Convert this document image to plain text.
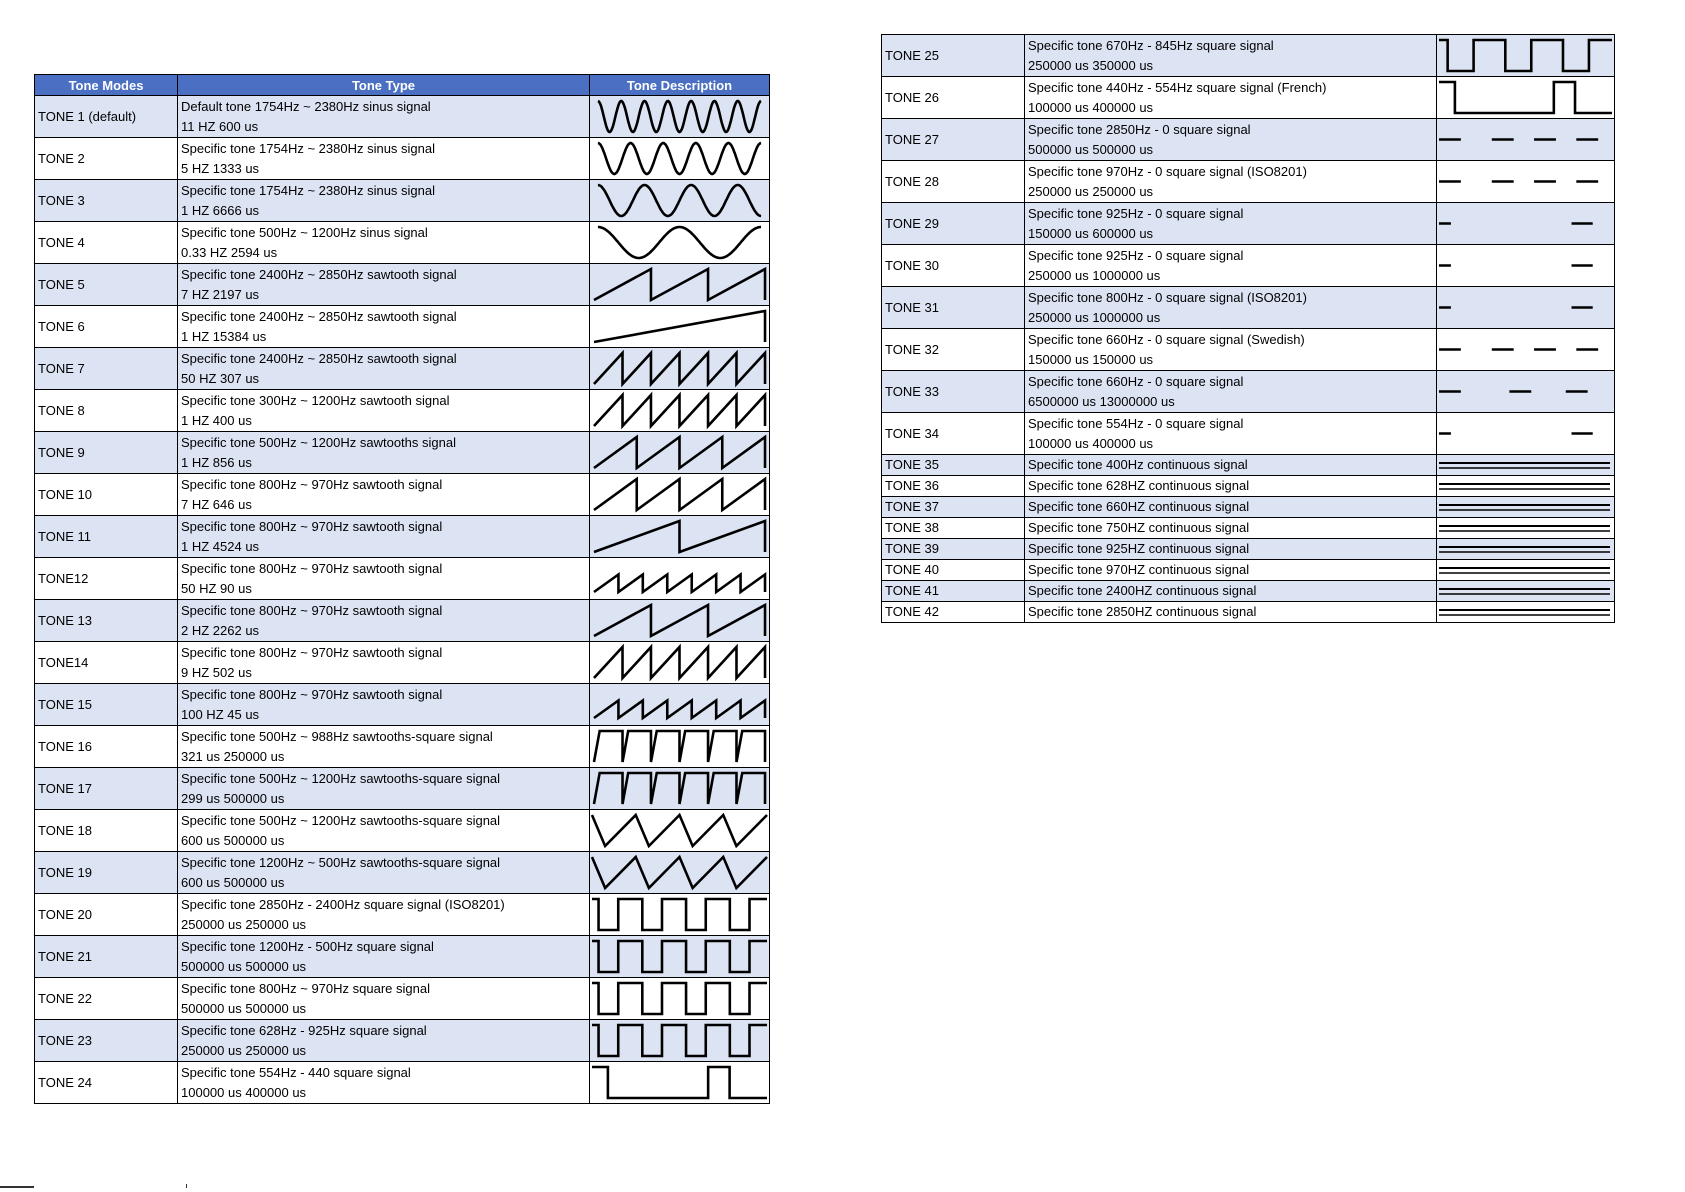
Tone Modes	Tone Type	Tone Description
TONE 1 (default)	Default tone 1754Hz ~ 2380Hz sinus signal
11 HZ 600 us

TONE 2	Specific tone 1754Hz ~ 2380Hz sinus signal
5 HZ 1333 us

TONE 3	Specific tone 1754Hz ~ 2380Hz sinus signal
1 HZ 6666 us

TONE 4	Specific tone 500Hz ~ 1200Hz sinus signal
0.33 HZ 2594 us

TONE 5	Specific tone 2400Hz ~ 2850Hz sawtooth signal
7 HZ 2197 us

TONE 6	Specific tone 2400Hz ~ 2850Hz sawtooth signal
1 HZ 15384 us

TONE 7	Specific tone 2400Hz ~ 2850Hz sawtooth signal
50 HZ 307 us

TONE 8	Specific tone 300Hz ~ 1200Hz sawtooth signal
1 HZ 400 us

TONE 9	Specific tone 500Hz ~ 1200Hz sawtooths signal
1 HZ 856 us

TONE 10	Specific tone 800Hz ~ 970Hz sawtooth signal
7 HZ 646 us

TONE 11	Specific tone 800Hz ~ 970Hz sawtooth signal
1 HZ 4524 us

TONE12	Specific tone 800Hz ~ 970Hz sawtooth signal
50 HZ 90 us

TONE 13	Specific tone 800Hz ~ 970Hz sawtooth signal
2 HZ 2262 us

TONE14	Specific tone 800Hz ~ 970Hz sawtooth signal
9 HZ 502 us

TONE 15	Specific tone 800Hz ~ 970Hz sawtooth signal
100 HZ 45 us

TONE 16	Specific tone 500Hz ~ 988Hz sawtooths-square signal
321 us 250000 us

TONE 17	Specific tone 500Hz ~ 1200Hz sawtooths-square signal
299 us 500000 us

TONE 18	Specific tone 500Hz ~ 1200Hz sawtooths-square signal
600 us 500000 us

TONE 19	Specific tone 1200Hz ~ 500Hz sawtooths-square signal
600 us 500000 us

TONE 20	Specific tone 2850Hz - 2400Hz square signal (ISO8201)
250000 us 250000 us

TONE 21	Specific tone 1200Hz - 500Hz square signal
500000 us 500000 us

TONE 22	Specific tone 800Hz ~ 970Hz square signal
500000 us 500000 us

TONE 23	Specific tone 628Hz - 925Hz square signal
250000 us 250000 us

TONE 24	Specific tone 554Hz - 440 square signal
100000 us 400000 us

TONE 25	Specific tone 670Hz - 845Hz square signal
250000 us 350000 us

TONE 26	Specific tone 440Hz - 554Hz square signal (French)
100000 us 400000 us

TONE 27	Specific tone 2850Hz - 0 square signal
500000 us 500000 us

TONE 28	Specific tone 970Hz - 0 square signal (ISO8201)
250000 us 250000 us

TONE 29	Specific tone 925Hz - 0 square signal
150000 us 600000 us

TONE 30	Specific tone 925Hz - 0 square signal
250000 us 1000000 us

TONE 31	Specific tone 800Hz - 0 square signal (ISO8201)
250000 us 1000000 us

TONE 32	Specific tone 660Hz - 0 square signal (Swedish)
150000 us 150000 us

TONE 33	Specific tone 660Hz - 0 square signal
6500000 us 13000000 us

TONE 34	Specific tone 554Hz - 0 square signal
100000 us 400000 us

TONE 35	Specific tone 400Hz continuous signal

TONE 36	Specific tone 628HZ continuous signal

TONE 37	Specific tone 660HZ continuous signal

TONE 38	Specific tone 750HZ continuous signal

TONE 39	Specific tone 925HZ continuous signal

TONE 40	Specific tone 970HZ continuous signal

TONE 41	Specific tone 2400HZ continuous signal

TONE 42	Specific tone 2850HZ continuous signal
